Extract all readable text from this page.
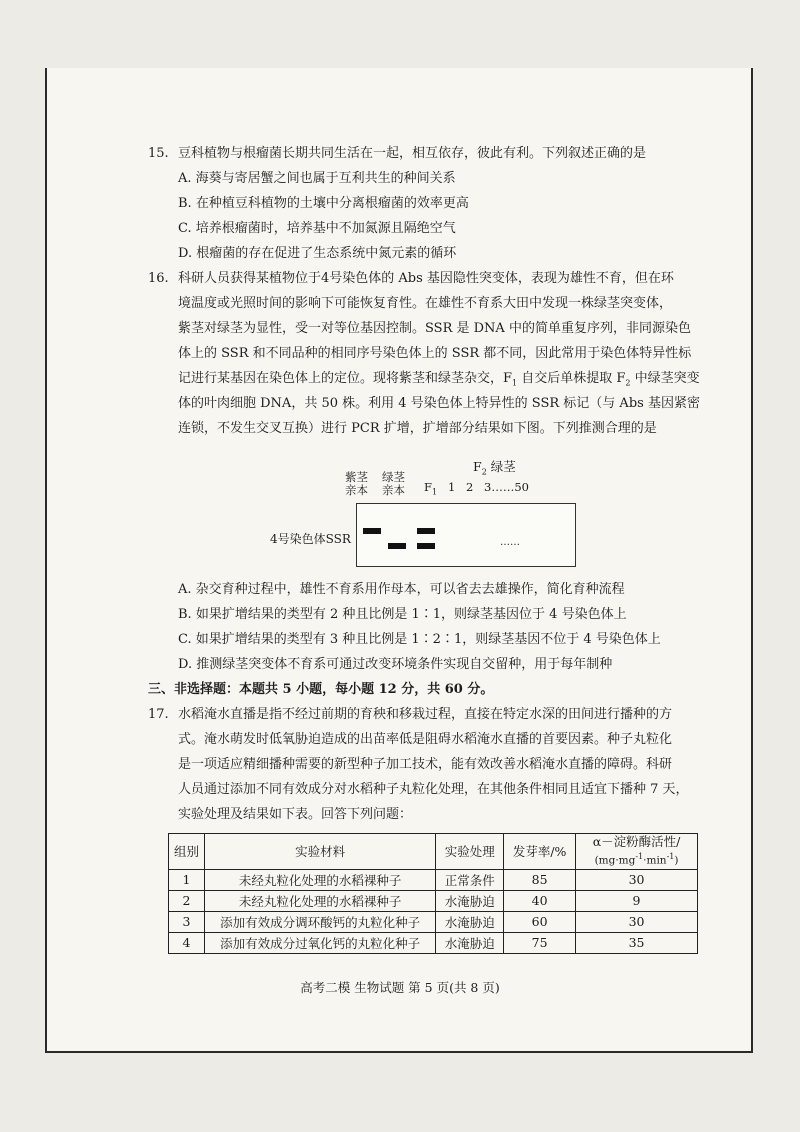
15. 豆科植物与根瘤菌长期共同生活在一起，相互依存，彼此有利。下列叙述正确的是
A. 海葵与寄居蟹之间也属于互利共生的种间关系
B. 在种植豆科植物的土壤中分离根瘤菌的效率更高
C. 培养根瘤菌时，培养基中不加氮源且隔绝空气
D. 根瘤菌的存在促进了生态系统中氮元素的循环
16. 科研人员获得某植物位于4号染色体的 Abs 基因隐性突变体，表现为雄性不育，但在环
境温度或光照时间的影响下可能恢复育性。在雄性不育系大田中发现一株绿茎突变体，
紫茎对绿茎为显性，受一对等位基因控制。SSR 是 DNA 中的简单重复序列，非同源染色
体上的 SSR 和不同品种的相同序号染色体上的 SSR 都不同，因此常用于染色体特异性标
记进行某基因在染色体上的定位。现将紫茎和绿茎杂交，$F_1$ 自交后单株提取 $F_2$ 中绿茎突变
体的叶肉细胞 DNA，共 50 株。利用 4 号染色体上特异性的 SSR 标记（与 Abs 基因紧密
连锁，不发生交叉互换）进行 PCR 扩增，扩增部分结果如下图。下列推测合理的是
$F_2$ 绿茎
紫茎
亲本
绿茎
亲本 $F_1$ 1 2 3……50
4号染色体SSR	……
A. 杂交育种过程中，雄性不育系用作母本，可以省去去雄操作，简化育种流程
B. 如果扩增结果的类型有 2 种且比例是 1∶1，则绿茎基因位于 4 号染色体上
C. 如果扩增结果的类型有 3 种且比例是 1∶2∶1，则绿茎基因不位于 4 号染色体上
D. 推测绿茎突变体不育系可通过改变环境条件实现自交留种，用于每年制种
三、非选择题：本题共 5 小题，每小题 12 分，共 60 分。
17. 水稻淹水直播是指不经过前期的育秧和移栽过程，直接在特定水深的田间进行播种的方
式。淹水萌发时低氧胁迫造成的出苗率低是阻碍水稻淹水直播的首要因素。种子丸粒化
是一项适应精细播种需要的新型种子加工技术，能有效改善水稻淹水直播的障碍。科研
人员通过添加不同有效成分对水稻种子丸粒化处理，在其他条件相同且适宜下播种 7 天，
实验处理及结果如下表。回答下列问题：
组别	实验材料	实验处理	发芽率/%	α－淀粉酶活性/
$(mg\cdot mg^{-1}\cdot\min^{-1})$

1	未经丸粒化处理的水稻裸种子	正常条件	85	30
2	未经丸粒化处理的水稻裸种子	水淹胁迫	40	9
3	添加有效成分调环酸钙的丸粒化种子	水淹胁迫	60	30
4	添加有效成分过氧化钙的丸粒化种子	水淹胁迫	75	35
高考二模 生物试题 第 5 页(共 8 页)
